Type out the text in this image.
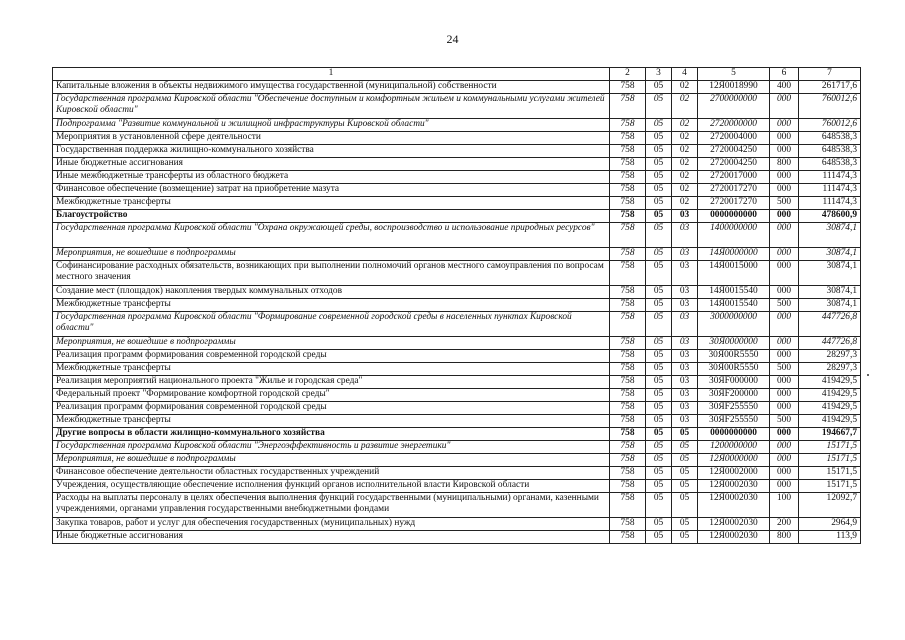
24
1	2	3	4	5	6	7
Капитальные вложения в объекты недвижимого имущества государственной (муниципальной) собственности	758	05	02	12Я0018990	400	261717,6
Государственная программа Кировской области "Обеспечение доступным и комфортным жильем и коммунальными услугами жителей Кировской области"	758	05	02	2700000000	000	760012,6
Подпрограмма "Развитие коммунальной и жилищной инфраструктуры Кировской области"	758	05	02	2720000000	000	760012,6
Мероприятия в установленной сфере деятельности	758	05	02	2720004000	000	648538,3
Государственная поддержка жилищно-коммунального хозяйства	758	05	02	2720004250	000	648538,3
Иные бюджетные ассигнования	758	05	02	2720004250	800	648538,3
Иные межбюджетные трансферты из областного бюджета	758	05	02	2720017000	000	111474,3
Финансовое обеспечение (возмещение) затрат на приобретение мазута	758	05	02	2720017270	000	111474,3
Межбюджетные трансферты	758	05	02	2720017270	500	111474,3
Благоустройство	758	05	03	0000000000	000	478600,9
Государственная программа Кировской области "Охрана окружающей среды, воспроизводство и использование природных ресурсов"	758	05	03	1400000000	000	30874,1
Мероприятия, не вошедшие в подпрограммы	758	05	03	14Я0000000	000	30874,1
Софинансирование расходных обязательств, возникающих при выполнении полномочий органов местного самоуправления по вопросам местного значения	758	05	03	14Я0015000	000	30874,1
Создание мест (площадок) накопления твердых коммунальных отходов	758	05	03	14Я0015540	000	30874,1
Межбюджетные трансферты	758	05	03	14Я0015540	500	30874,1
Государственная программа Кировской области "Формирование современной городской среды в населенных пунктах Кировской области"	758	05	03	3000000000	000	447726,8
Мероприятия, не вошедшие в подпрограммы	758	05	03	30Я0000000	000	447726,8
Реализация программ формирования современной городской среды	758	05	03	30Я00R5550	000	28297,3
Межбюджетные трансферты	758	05	03	30Я00R5550	500	28297,3
Реализация мероприятий национального проекта "Жилье и городская среда"	758	05	03	30ЯF000000	000	419429,5
Федеральный проект "Формирование комфортной городской среды"	758	05	03	30ЯF200000	000	419429,5
Реализация программ формирования современной городской среды	758	05	03	30ЯF255550	000	419429,5
Межбюджетные трансферты	758	05	03	30ЯF255550	500	419429,5
Другие вопросы в области жилищно-коммунального хозяйства	758	05	05	0000000000	000	194667,7
Государственная программа Кировской области "Энергоэффективность и развитие энергетики"	758	05	05	1200000000	000	15171,5
Мероприятия, не вошедшие в подпрограммы	758	05	05	12Я0000000	000	15171,5
Финансовое обеспечение деятельности областных государственных учреждений	758	05	05	12Я0002000	000	15171,5
Учреждения, осуществляющие обеспечение исполнения функций органов исполнительной власти Кировской области	758	05	05	12Я0002030	000	15171,5
Расходы на выплаты персоналу в целях обеспечения выполнения функций государственными (муниципальными) органами, казенными учреждениями, органами управления государственными внебюджетными фондами	758	05	05	12Я0002030	100	12092,7
Закупка товаров, работ и услуг для обеспечения государственных (муниципальных) нужд	758	05	05	12Я0002030	200	2964,9
Иные бюджетные ассигнования	758	05	05	12Я0002030	800	113,9
